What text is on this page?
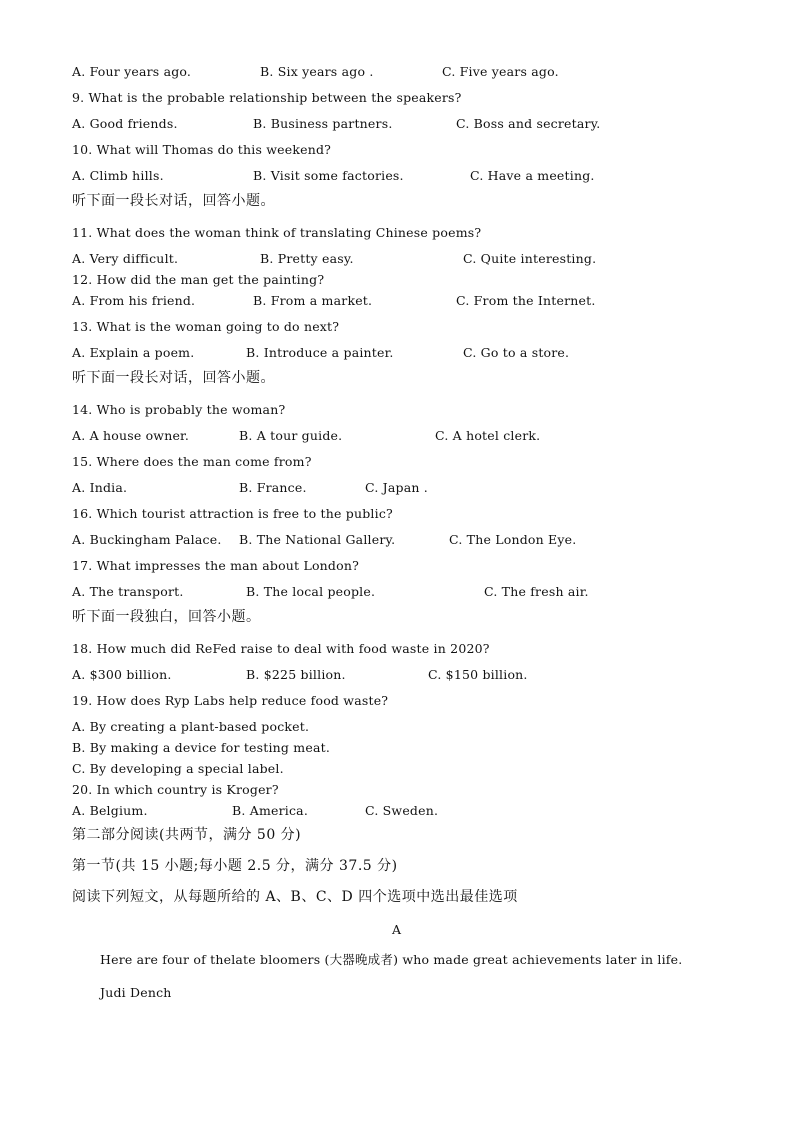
A. Four years ago.	B. Six years ago .	C. Five years ago.
9. What is the probable relationship between the speakers?
A. Good friends.	B. Business partners.	C. Boss and secretary.
10. What will Thomas do this weekend?
A. Climb hills.	B. Visit some factories.	C. Have a meeting.
听下面一段长对话，回答小题。
11. What does the woman think of translating Chinese poems?
A. Very difficult.	B. Pretty easy.	C. Quite interesting.
12. How did the man get the painting?
A. From his friend.	B. From a market.	C. From the Internet.
13. What is the woman going to do next?
A. Explain a poem.	B. Introduce a painter.	C. Go to a store.
听下面一段长对话，回答小题。
14. Who is probably the woman?
A. A house owner.	B. A tour guide.	C. A hotel clerk.
15. Where does the man come from?
A. India.	B. France.	C. Japan .
16. Which tourist attraction is free to the public?
A. Buckingham Palace. B. The National Gallery.	C. The London Eye.
17. What impresses the man about London?
A. The transport.	B. The local people.	C. The fresh air.
听下面一段独白，回答小题。
18. How much did ReFed raise to deal with food waste in 2020?
A. $300 billion.	B. $225 billion.	C. $150 billion.
19. How does Ryp Labs help reduce food waste?
A. By creating a plant-based pocket.
B. By making a device for testing meat.
C. By developing a special label.
20. In which country is Kroger?
A. Belgium.	B. America.	C. Sweden.
第二部分阅读(共两节，满分 50 分)
第一节(共 15 小题;每小题 2.5 分，满分 37.5 分)
阅读下列短文，从每题所给的 A、B、C、D 四个选项中选出最佳选项
A
Here are four of thelate bloomers (大器晚成者) who made great achievements later in life.
Judi Dench
